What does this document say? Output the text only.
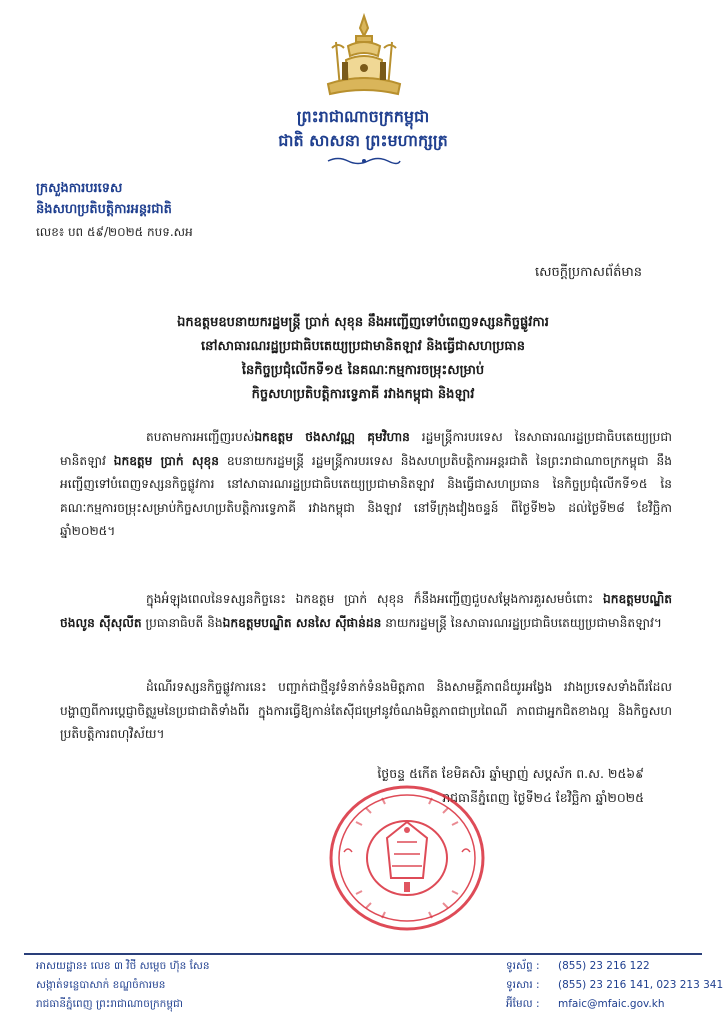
ព្រះរាជាណាចក្រកម្ពុជា
ជាតិ សាសនា ព្រះមហាក្សត្រ
ក្រសួងការបរទេស
និងសហប្រតិបត្តិការអន្តរជាតិ
លេខ៖ បព ៥៩/២០២៥ កបទ.សអ
សេចក្ដីប្រកាសព័ត៌មាន
ឯកឧត្តមឧបនាយករដ្ឋមន្ត្រី ប្រាក់ សុខុន នឹងអញ្ជើញទៅបំពេញទស្សនកិច្ចផ្លូវការ
នៅសាធារណរដ្ឋប្រជាធិបតេយ្យប្រជាមានិតឡាវ និងធ្វើជាសហប្រធាន
នៃកិច្ចប្រជុំលើកទី១៥ នៃគណៈកម្មការចម្រុះសម្រាប់
កិច្ចសហប្រតិបត្តិការទ្វេភាគី រវាងកម្ពុជា និងឡាវ
តបតាមការអញ្ជើញរបស់ឯកឧត្តម ថងសាវណ្ណ គុមវិហាន រដ្ឋមន្ត្រីការបរទេស នៃសាធារណរដ្ឋប្រជាធិបតេយ្យប្រជាមានិតឡាវ ឯកឧត្តម ប្រាក់ សុខុន ឧបនាយករដ្ឋមន្ត្រី រដ្ឋមន្ត្រីការបរទេស និងសហប្រតិបត្តិការអន្តរជាតិ នៃព្រះរាជាណាចក្រកម្ពុជា នឹងអញ្ជើញទៅបំពេញទស្សនកិច្ចផ្លូវការ នៅសាធារណរដ្ឋប្រជាធិបតេយ្យប្រជាមានិតឡាវ និងធ្វើជាសហប្រធាន នៃកិច្ចប្រជុំលើកទី១៥ នៃគណៈកម្មការចម្រុះសម្រាប់កិច្ចសហប្រតិបត្តិការទ្វេភាគី រវាងកម្ពុជា និងឡាវ នៅទីក្រុងវៀងចន្ទន៍ ពីថ្ងៃទី២៦ ដល់ថ្ងៃទី២៨ ខែវិច្ឆិកា ឆ្នាំ២០២៥។
ក្នុងអំឡុងពេលនៃទស្សនកិច្ចនេះ ឯកឧត្តម ប្រាក់ សុខុន ក៏នឹងអញ្ជើញជួបសម្ដែងការគួរសមចំពោះ ឯកឧត្តមបណ្ឌិត ថងលូន ស៊ីសុលីត ប្រធានាធិបតី និងឯកឧត្តមបណ្ឌិត សនសៃ ស៊ីផាន់ដន នាយករដ្ឋមន្ត្រី នៃសាធារណរដ្ឋប្រជាធិបតេយ្យប្រជាមានិតឡាវ។
ដំណើរទស្សនកិច្ចផ្លូវការនេះ បញ្ជាក់ជាថ្មីនូវទំនាក់ទំនងមិត្តភាព និងសាមគ្គីភាពដ៏យូរអង្វែង រវាងប្រទេសទាំងពីរដែលបង្ហាញពីការប្ដេជ្ញាចិត្តរួមនៃប្រជាជាតិទាំងពីរ ក្នុងការធ្វើឱ្យកាន់តែស៊ីជម្រៅនូវចំណងមិត្តភាពជាប្រពៃណី ភាពជាអ្នកជិតខាងល្អ និងកិច្ចសហប្រតិបត្តិការពហុវិស័យ។
ថ្ងៃចន្ទ ៥កើត ខែមិគសិរ ឆ្នាំម្សាញ់ សប្តស័ក ព.ស. ២៥៦៩
រាជធានីភ្នំពេញ ថ្ងៃទី២៤ ខែវិច្ឆិកា ឆ្នាំ២០២៥
អាសយដ្ឋាន៖ លេខ ៣ វិថី សម្ដេច ហ៊ុន សែន
សង្កាត់ទន្លេបាសាក់ ខណ្ឌចំការមន
រាជធានីភ្នំពេញ ព្រះរាជាណាចក្រកម្ពុជា
ទូរស័ព្ទ : (855) 23 216 122
ទូរសារ : (855) 23 216 141, 023 213 341
អ៊ីមែល : mfaic@mfaic.gov.kh
